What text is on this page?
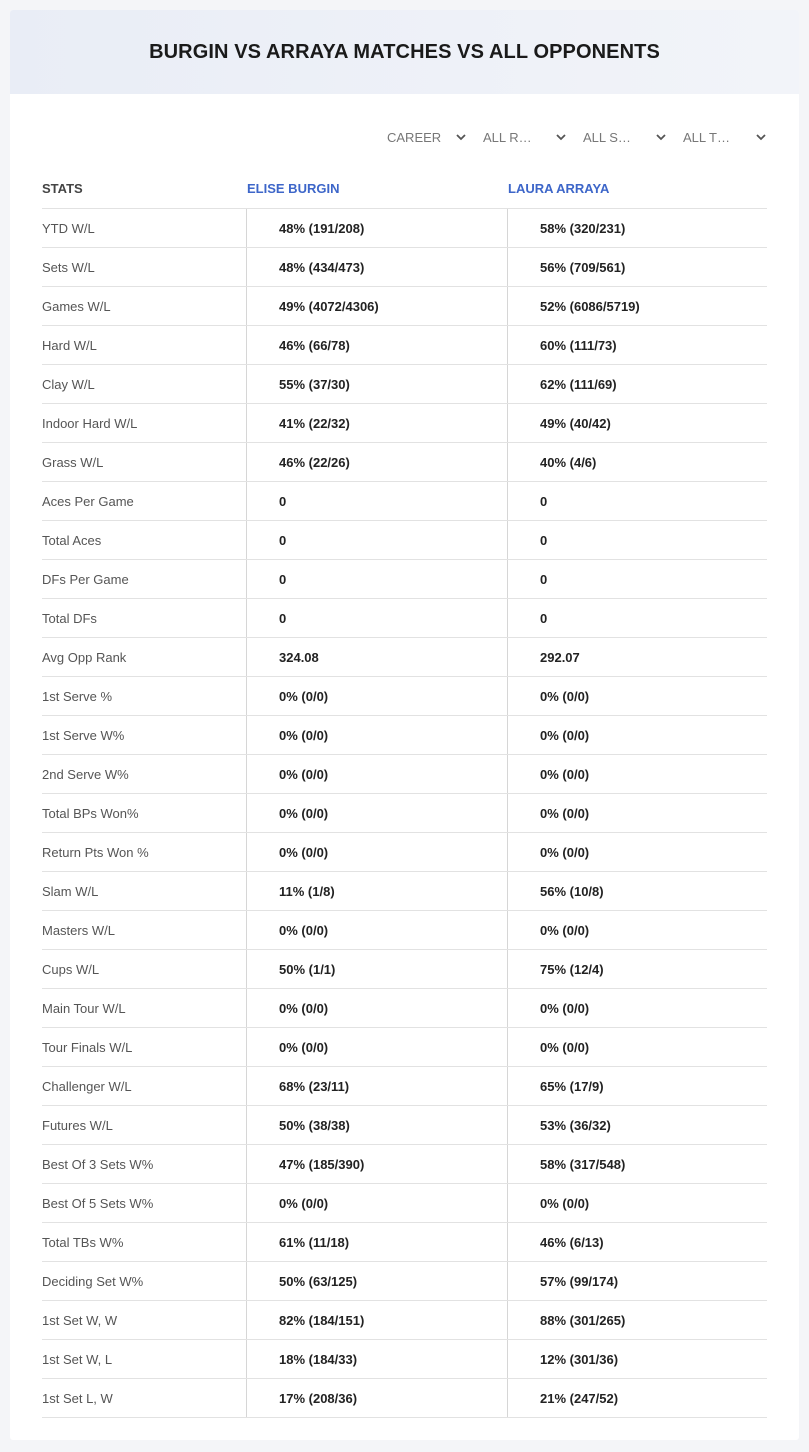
BURGIN VS ARRAYA MATCHES VS ALL OPPONENTS
CAREER	ALL R…	ALL S…	ALL T…
STATS	ELISE BURGIN	LAURA ARRAYA
YTD W/L	48% (191/208)	58% (320/231)
Sets W/L	48% (434/473)	56% (709/561)
Games W/L	49% (4072/4306)	52% (6086/5719)
Hard W/L	46% (66/78)	60% (111/73)
Clay W/L	55% (37/30)	62% (111/69)
Indoor Hard W/L	41% (22/32)	49% (40/42)
Grass W/L	46% (22/26)	40% (4/6)
Aces Per Game	0	0
Total Aces	0	0
DFs Per Game	0	0
Total DFs	0	0
Avg Opp Rank	324.08	292.07
1st Serve %	0% (0/0)	0% (0/0)
1st Serve W%	0% (0/0)	0% (0/0)
2nd Serve W%	0% (0/0)	0% (0/0)
Total BPs Won%	0% (0/0)	0% (0/0)
Return Pts Won %	0% (0/0)	0% (0/0)
Slam W/L	11% (1/8)	56% (10/8)
Masters W/L	0% (0/0)	0% (0/0)
Cups W/L	50% (1/1)	75% (12/4)
Main Tour W/L	0% (0/0)	0% (0/0)
Tour Finals W/L	0% (0/0)	0% (0/0)
Challenger W/L	68% (23/11)	65% (17/9)
Futures W/L	50% (38/38)	53% (36/32)
Best Of 3 Sets W%	47% (185/390)	58% (317/548)
Best Of 5 Sets W%	0% (0/0)	0% (0/0)
Total TBs W%	61% (11/18)	46% (6/13)
Deciding Set W%	50% (63/125)	57% (99/174)
1st Set W, W	82% (184/151)	88% (301/265)
1st Set W, L	18% (184/33)	12% (301/36)
1st Set L, W	17% (208/36)	21% (247/52)
